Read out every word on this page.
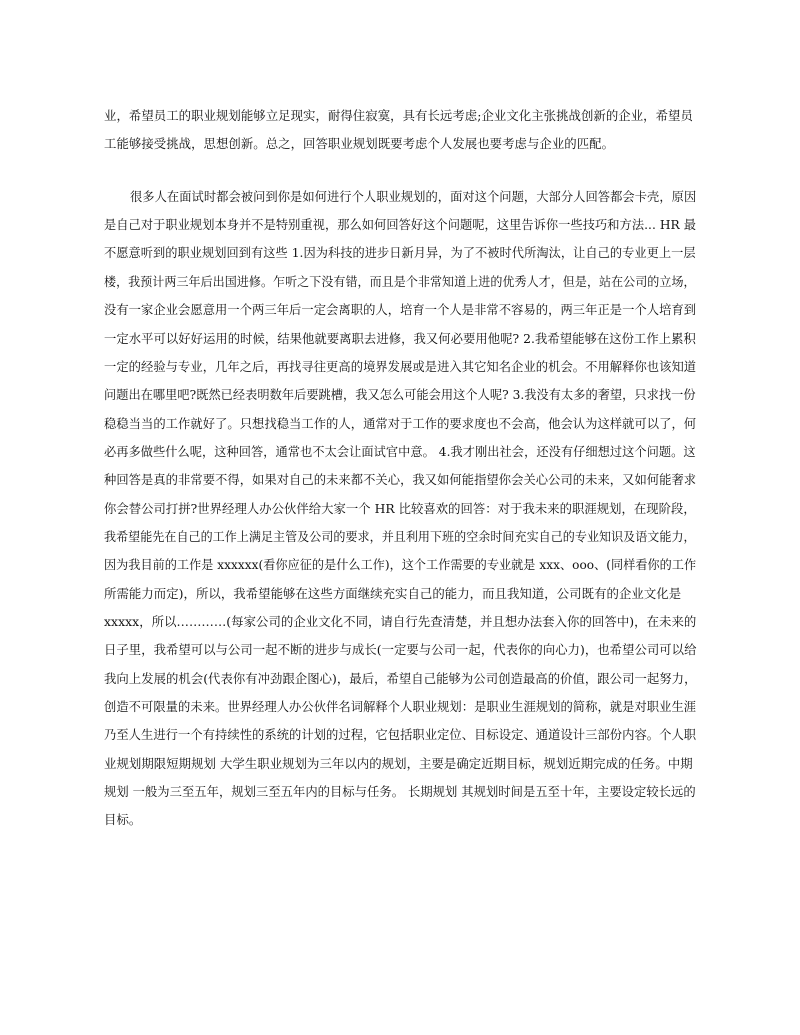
业，希望员工的职业规划能够立足现实，耐得住寂寞，具有长远考虑;企业文化主张挑战创新的企业，希望员
工能够接受挑战，思想创新。总之，回答职业规划既要考虑个人发展也要考虑与企业的匹配。
很多人在面试时都会被问到你是如何进行个人职业规划的，面对这个问题，大部分人回答都会卡壳，原因
是自己对于职业规划本身并不是特别重视，那么如何回答好这个问题呢，这里告诉你一些技巧和方法... HR 最
不愿意听到的职业规划回到有这些 1.因为科技的进步日新月异，为了不被时代所淘汰，让自己的专业更上一层
楼，我预计两三年后出国进修。乍听之下没有错，而且是个非常知道上进的优秀人才，但是，站在公司的立场，
没有一家企业会愿意用一个两三年后一定会离职的人，培育一个人是非常不容易的，两三年正是一个人培育到
一定水平可以好好运用的时候，结果他就要离职去进修，我又何必要用他呢? 2.我希望能够在这份工作上累积
一定的经验与专业，几年之后，再找寻往更高的境界发展或是进入其它知名企业的机会。不用解释你也该知道
问题出在哪里吧?既然已经表明数年后要跳槽，我又怎么可能会用这个人呢? 3.我没有太多的奢望，只求找一份
稳稳当当的工作就好了。只想找稳当工作的人，通常对于工作的要求度也不会高，他会认为这样就可以了，何
必再多做些什么呢，这种回答，通常也不太会让面试官中意。 4.我才刚出社会，还没有仔细想过这个问题。这
种回答是真的非常要不得，如果对自己的未来都不关心，我又如何能指望你会关心公司的未来，又如何能奢求
你会替公司打拼?世界经理人办公伙伴给大家一个 HR 比较喜欢的回答：对于我未来的职涯规划，在现阶段，
我希望能先在自己的工作上满足主管及公司的要求，并且利用下班的空余时间充实自己的专业知识及语文能力，
因为我目前的工作是 xxxxxx(看你应征的是什么工作)，这个工作需要的专业就是 xxx、ooo、(同样看你的工作
所需能力而定)，所以，我希望能够在这些方面继续充实自己的能力，而且我知道，公司既有的企业文化是
xxxxx，所以…………(每家公司的企业文化不同，请自行先查清楚，并且想办法套入你的回答中)，在未来的
日子里，我希望可以与公司一起不断的进步与成长(一定要与公司一起，代表你的向心力)，也希望公司可以给
我向上发展的机会(代表你有冲劲跟企图心)，最后，希望自己能够为公司创造最高的价值，跟公司一起努力，
创造不可限量的未来。世界经理人办公伙伴名词解释个人职业规划：是职业生涯规划的简称，就是对职业生涯
乃至人生进行一个有持续性的系统的计划的过程，它包括职业定位、目标设定、通道设计三部份内容。个人职
业规划期限短期规划 大学生职业规划为三年以内的规划，主要是确定近期目标，规划近期完成的任务。中期
规划 一般为三至五年，规划三至五年内的目标与任务。 长期规划 其规划时间是五至十年，主要设定较长远的
目标。
